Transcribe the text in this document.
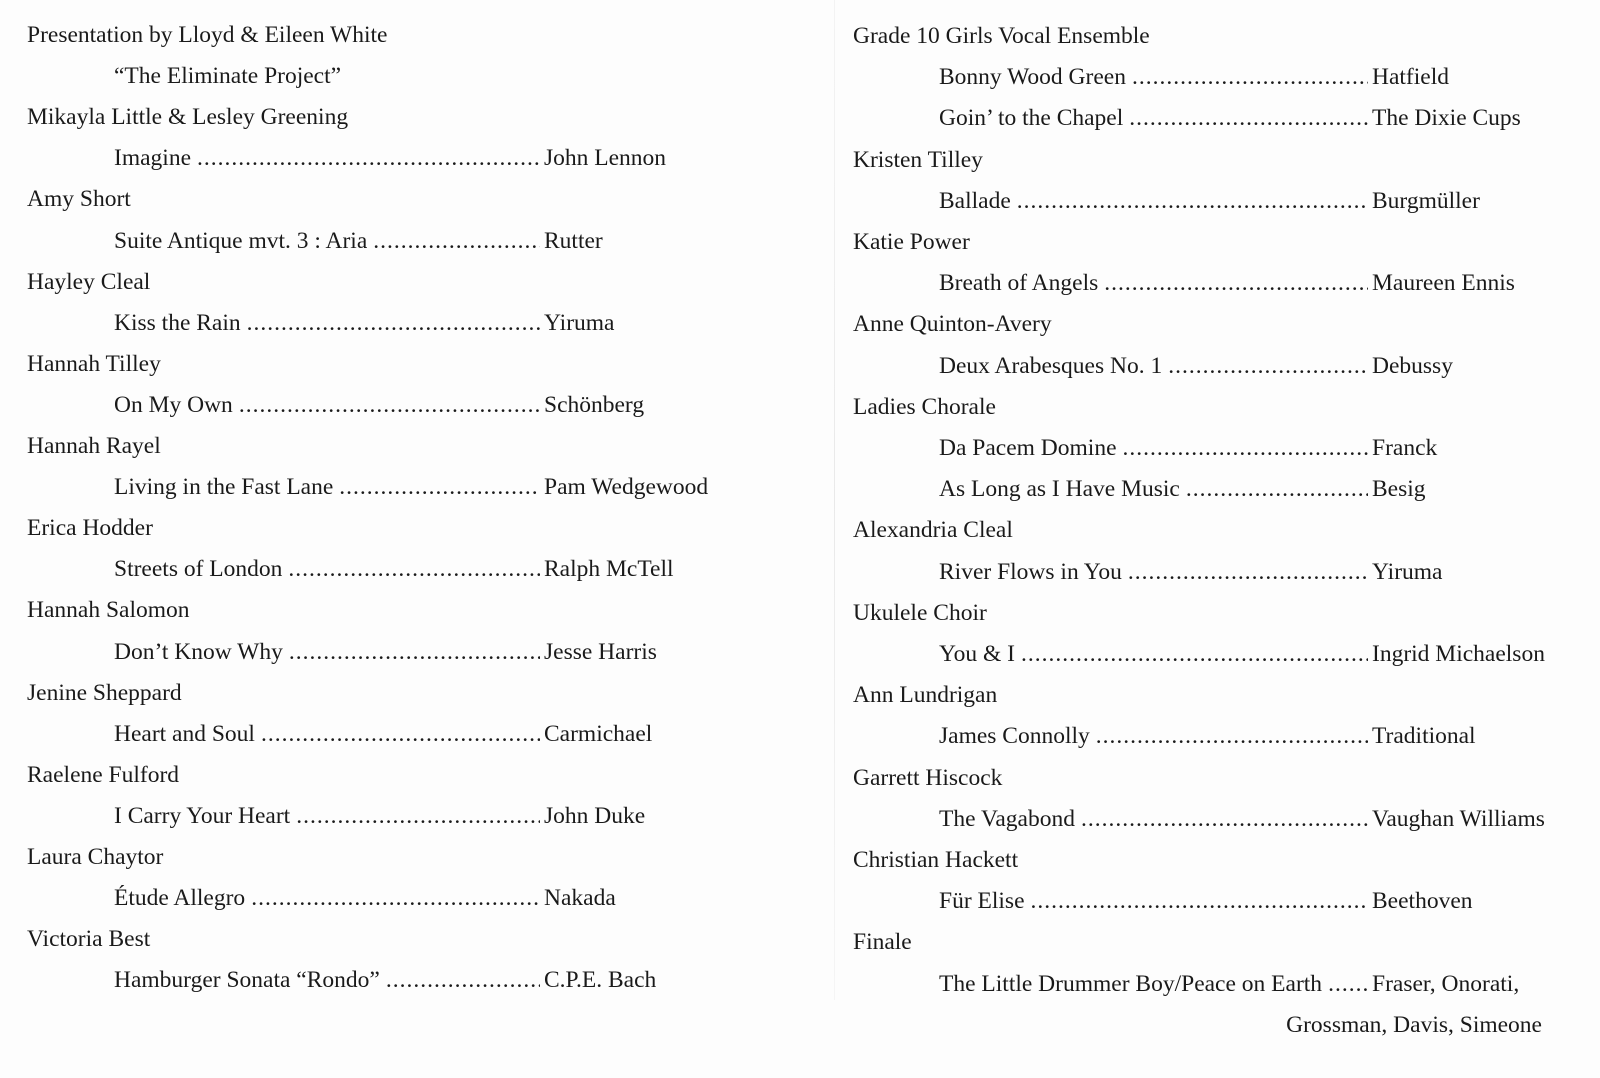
Presentation by Lloyd & Eileen White
“The Eliminate Project”
Mikayla Little & Lesley Greening
Imagine .....	John Lennon
Amy Short
Suite Antique mvt. 3 : Aria .....	Rutter
Hayley Cleal
Kiss the Rain .....	Yiruma
Hannah Tilley
On My Own .....	Schönberg
Hannah Rayel
Living in the Fast Lane .....	Pam Wedgewood
Erica Hodder
Streets of London .....	Ralph McTell
Hannah Salomon
Don’t Know Why .....	Jesse Harris
Jenine Sheppard
Heart and Soul .....	Carmichael
Raelene Fulford
I Carry Your Heart .....	John Duke
Laura Chaytor
Étude Allegro .....	Nakada
Victoria Best
Hamburger Sonata “Rondo” .....	C.P.E. Bach
Grade 10 Girls Vocal Ensemble
Bonny Wood Green .....	Hatfield
Goin’ to the Chapel .....	The Dixie Cups
Kristen Tilley
Ballade .....	Burgmüller
Katie Power
Breath of Angels .....	Maureen Ennis
Anne Quinton-Avery
Deux Arabesques No. 1 .....	Debussy
Ladies Chorale
Da Pacem Domine .....	Franck
As Long as I Have Music .....	Besig
Alexandria Cleal
River Flows in You .....	Yiruma
Ukulele Choir
You & I .....	Ingrid Michaelson
Ann Lundrigan
James Connolly .....	Traditional
Garrett Hiscock
The Vagabond .....	Vaughan Williams
Christian Hackett
Für Elise .....	Beethoven
Finale
The Little Drummer Boy/Peace on Earth ..... Fraser, Onorati,
Grossman, Davis, Simeone
